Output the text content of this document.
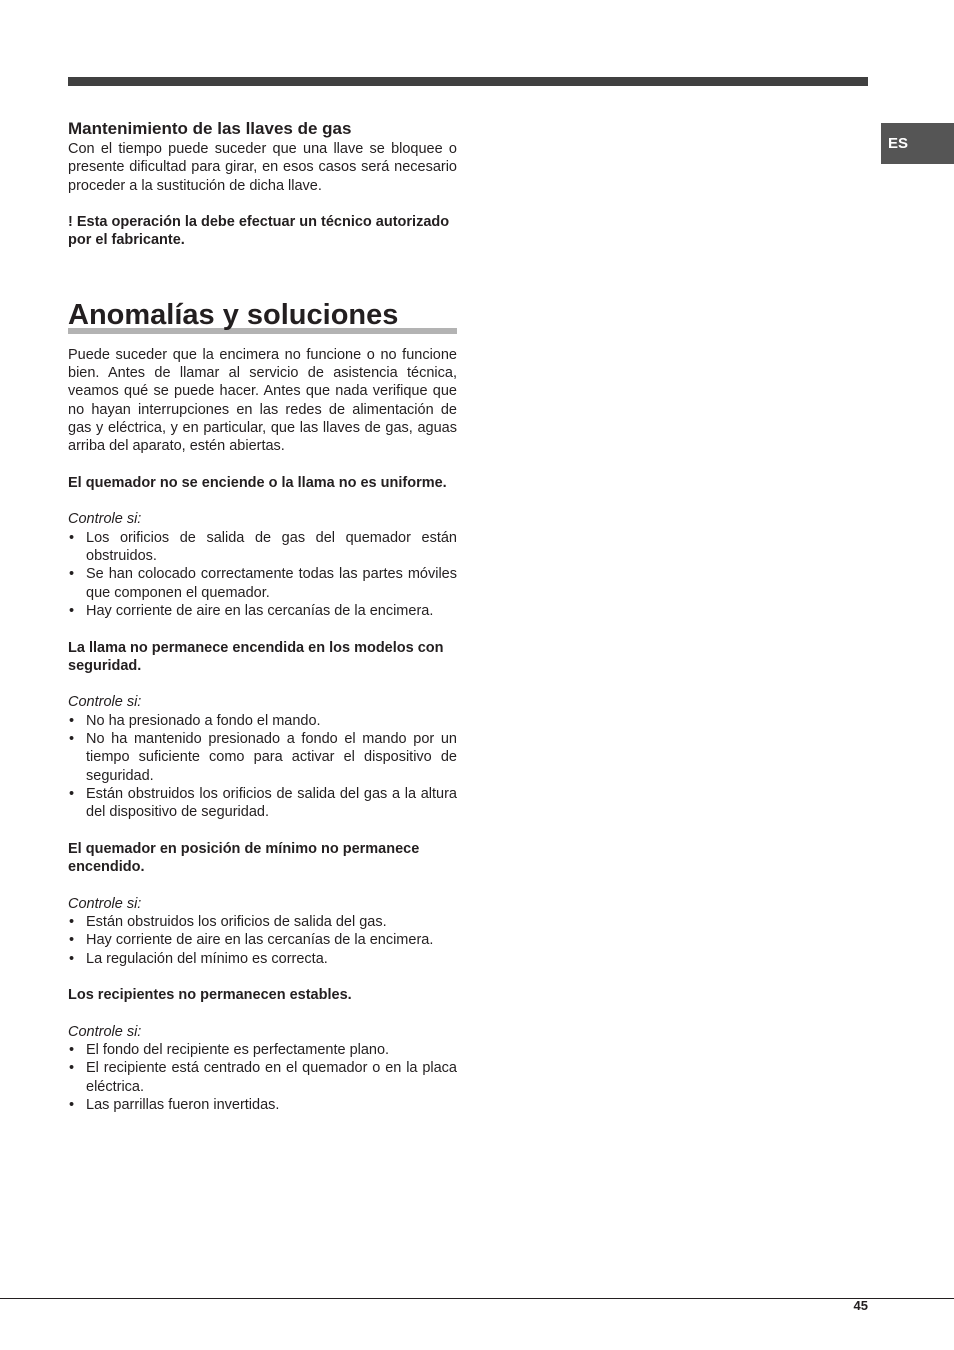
ES
Mantenimiento de las llaves de gas

Con el tiempo puede suceder que una llave se bloquee o presente dificultad para girar, en esos casos será necesario proceder a la sustitución de dicha llave.

! Esta operación la debe efectuar un técnico autorizado por el fabricante.

Anomalías y soluciones

Puede suceder que la encimera no funcione o no funcione bien. Antes de llamar al servicio de asistencia técnica, veamos qué se puede hacer. Antes que nada verifique que no hayan interrupciones en las redes de alimentación de gas y eléctrica, y en particular, que las llaves de gas, aguas arriba del aparato, estén abiertas.

El quemador no se enciende o la llama no es uniforme.

Controle si:

• Los orificios de salida de gas del quemador están obstruidos.
• Se han colocado correctamente todas las partes móviles que componen el quemador.
• Hay corriente de aire en las cercanías de la encimera.

La llama no permanece encendida en los modelos con seguridad.

Controle si:

• No ha presionado a fondo el mando.
• No ha mantenido presionado a fondo el mando por un tiempo suficiente como para activar el dispositivo de seguridad.
• Están obstruidos los orificios de salida del gas a la altura del dispositivo de seguridad.

El quemador en posición de mínimo no permanece encendido.

Controle si:

• Están obstruidos los orificios de salida del gas.
• Hay corriente de aire en las cercanías de la encimera.
• La regulación del mínimo es correcta.

Los recipientes no permanecen estables.

Controle si:

• El fondo del recipiente es perfectamente plano.
• El recipiente está centrado en el quemador o en la placa eléctrica.
• Las parrillas fueron invertidas.
45
